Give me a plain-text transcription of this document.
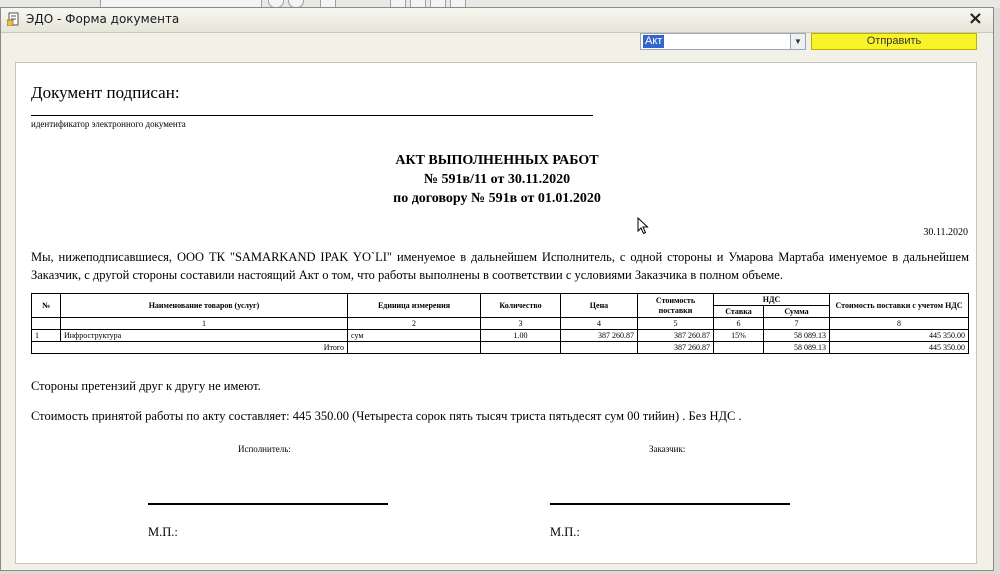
ЭДО - Форма документа	×
Акт	▼	Отправить
Документ подписан:
идентификатор электронного документа
АКТ ВЫПОЛНЕННЫХ РАБОТ
№ 591в/11 от 30.11.2020
по договору № 591в от 01.01.2020
30.11.2020
Мы, нижеподписавшиеся, ООО ТК "SAMARKAND IPAK YO`LI" именуемое в дальнейшем Исполнитель, с одной стороны и Умарова Мартаба именуемое в дальнейшем Заказчик, с другой стороны составили настоящий Акт о том, что работы выполнены в соответствии с условиями Заказчика в полном объеме.
№	Наименование товаров (услуг)	Единица измерения	Количество	Цена	Стоимость поставки	НДС		Стоимость поставки с учетом НДС
						Ставка	Сумма	
	1	2	3	4	5	6	7	8
1	Инфроструктура	сум	1.00	387 260.87	387 260.87	15%	58 089.13	445 350.00
Итого					387 260.87		58 089.13	445 350.00
Стороны претензий друг к другу не имеют.
Стоимость принятой работы по акту составляет: 445 350.00 (Четыреста сорок пять тысяч триста пятьдесят сум 00 тийин) . Без НДС .
Исполнитель:	Заказчик:
М.П.:	М.П.:
